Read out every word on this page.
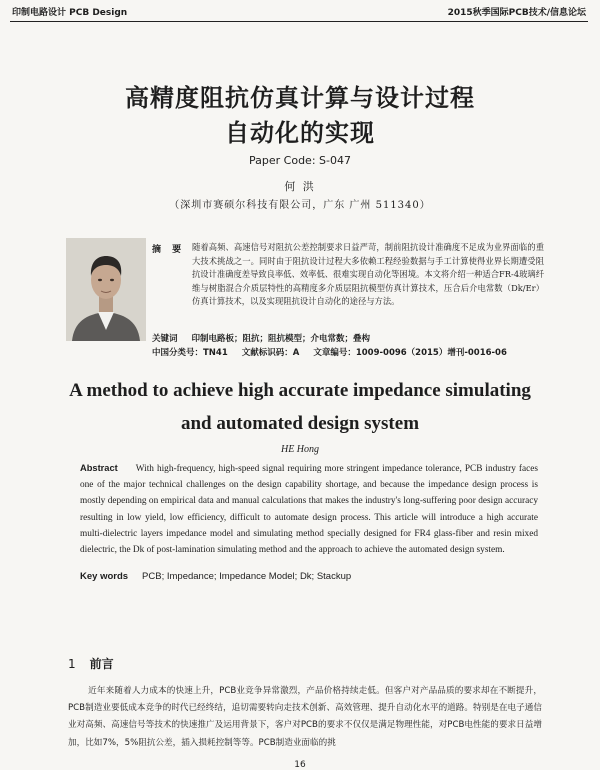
印制电路设计 PCB Design	2015秋季国际PCB技术/信息论坛
高精度阻抗仿真计算与设计过程
自动化的实现
Paper Code: S-047
何 洪
（深圳市赛硕尔科技有限公司，广东 广州 511340）
摘 要 随着高频、高速信号对阻抗公差控制要求日益严苛，制前阻抗设计准确度不足成为业界面临的重大技术挑战之一。同时由于阻抗设计过程大多依赖工程经验数据与手工计算使得业界长期遭受阻抗设计准确度差导致良率低、效率低、很难实现自动化等困境。本文将介绍一种适合FR-4玻璃纤维与树脂混合介质层特性的高精度多介质层阻抗模型仿真计算技术，压合后介电常数（Dk/Er）仿真计算技术，以及实现阻抗设计自动化的途径与方法。
关键词 印制电路板；阻抗；阻抗模型；介电常数；叠构
中国分类号：TN41 文献标识码：A 文章编号：1009-0096（2015）增刊-0016-06
A method to achieve high accurate impedance simulating
and automated design system
HE Hong
Abstract With high-frequency, high-speed signal requiring more stringent impedance tolerance, PCB industry faces one of the major technical challenges on the design capability shortage, and because the impedance design process is mostly depending on empirical data and manual calculations that makes the industry's long-suffering poor design accuracy resulting in low yield, low efficiency, difficult to automate design process. This article will introduce a high accurate multi-dielectric layers impedance model and simulating method specially designed for FR4 glass-fiber and resin mixed dielectric, the Dk of post-lamination simulating method and the approach to achieve the automated design system.
Key words PCB; Impedance; Impedance Model; Dk; Stackup
1 前言
近年来随着人力成本的快速上升，PCB业竞争异常激烈，产品价格持续走低。但客户对产品品质的要求却在不断提升，PCB制造业要低成本竞争的时代已经终结，追切需要转向走技术创新、高效管理、提升自动化水平的道路。特别是在电子通信业对高频、高速信号等技术的快速推广及运用背景下，客户对PCB的要求不仅仅是满足物理性能，对PCB电性能的要求日益增加，比如7%，5%阻抗公差，插入损耗控制等等。PCB制造业面临的挑
16
